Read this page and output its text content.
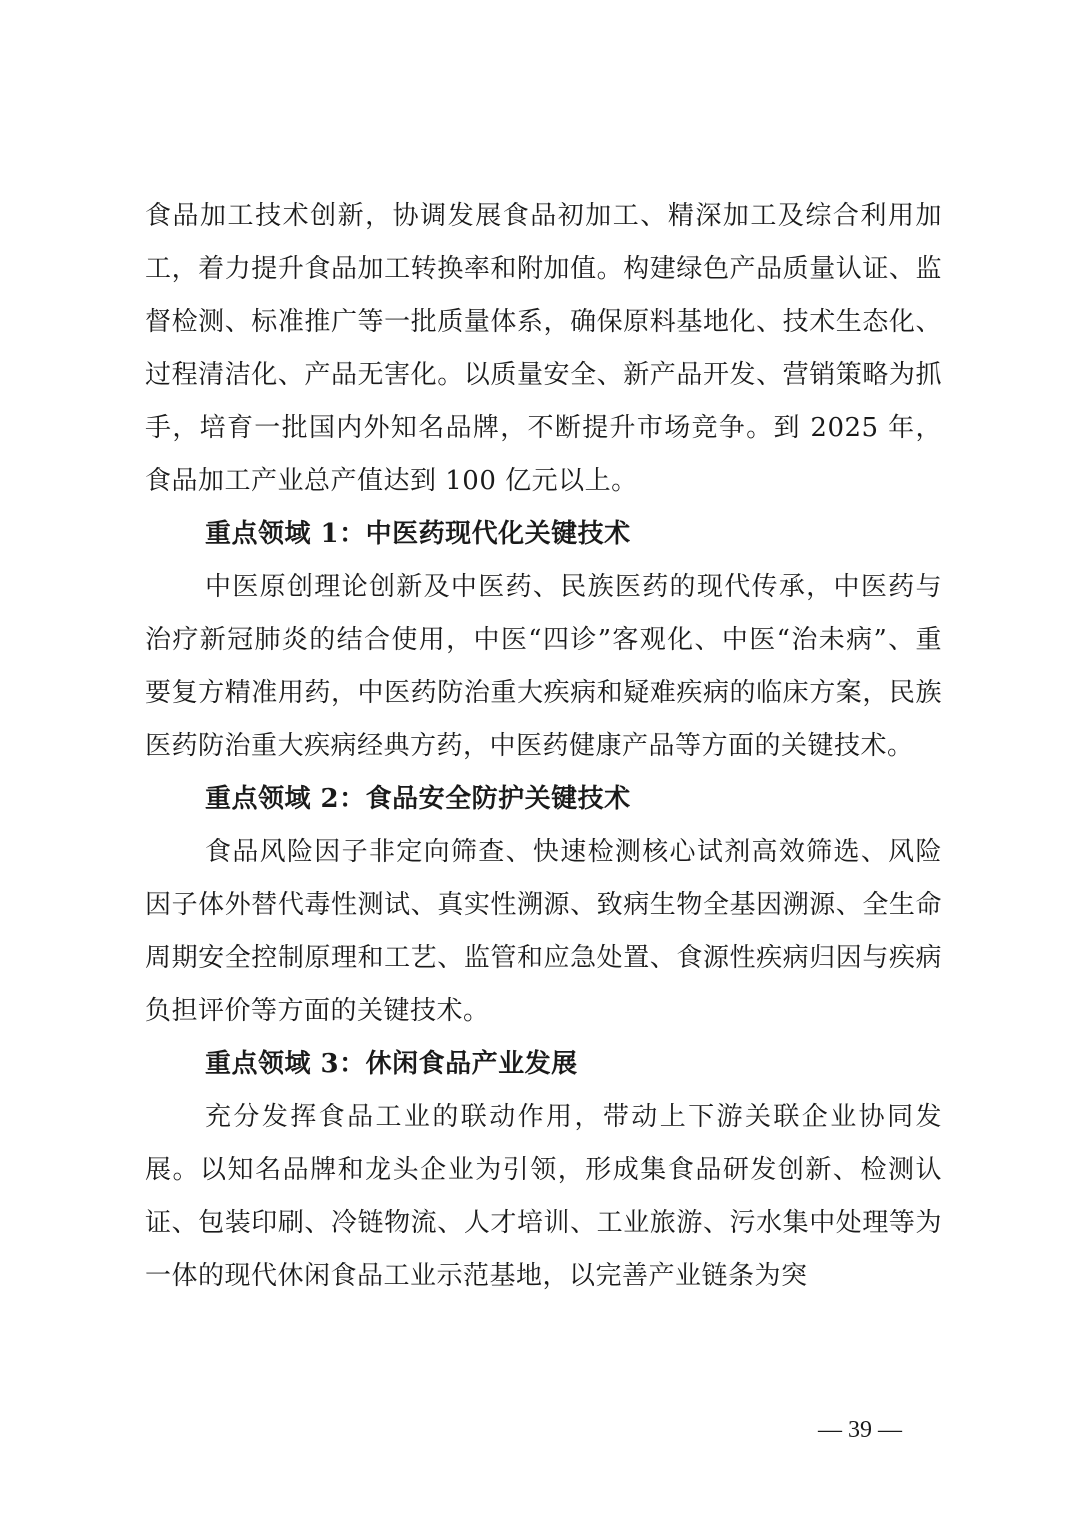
食品加工技术创新，协调发展食品初加工、精深加工及综合利用加工，着力提升食品加工转换率和附加值。构建绿色产品质量认证、监督检测、标准推广等一批质量体系，确保原料基地化、技术生态化、过程清洁化、产品无害化。以质量安全、新产品开发、营销策略为抓手，培育一批国内外知名品牌，不断提升市场竞争。到 2025 年，食品加工产业总产值达到 100 亿元以上。

重点领域 1：中医药现代化关键技术

中医原创理论创新及中医药、民族医药的现代传承，中医药与治疗新冠肺炎的结合使用，中医“四诊”客观化、中医“治未病”、重要复方精准用药，中医药防治重大疾病和疑难疾病的临床方案，民族医药防治重大疾病经典方药，中医药健康产品等方面的关键技术。

重点领域 2：食品安全防护关键技术

食品风险因子非定向筛查、快速检测核心试剂高效筛选、风险因子体外替代毒性测试、真实性溯源、致病生物全基因溯源、全生命周期安全控制原理和工艺、监管和应急处置、食源性疾病归因与疾病负担评价等方面的关键技术。

重点领域 3：休闲食品产业发展

充分发挥食品工业的联动作用，带动上下游关联企业协同发展。以知名品牌和龙头企业为引领，形成集食品研发创新、检测认证、包装印刷、冷链物流、人才培训、工业旅游、污水集中处理等为一体的现代休闲食品工业示范基地，以完善产业链条为突

— 39 —
